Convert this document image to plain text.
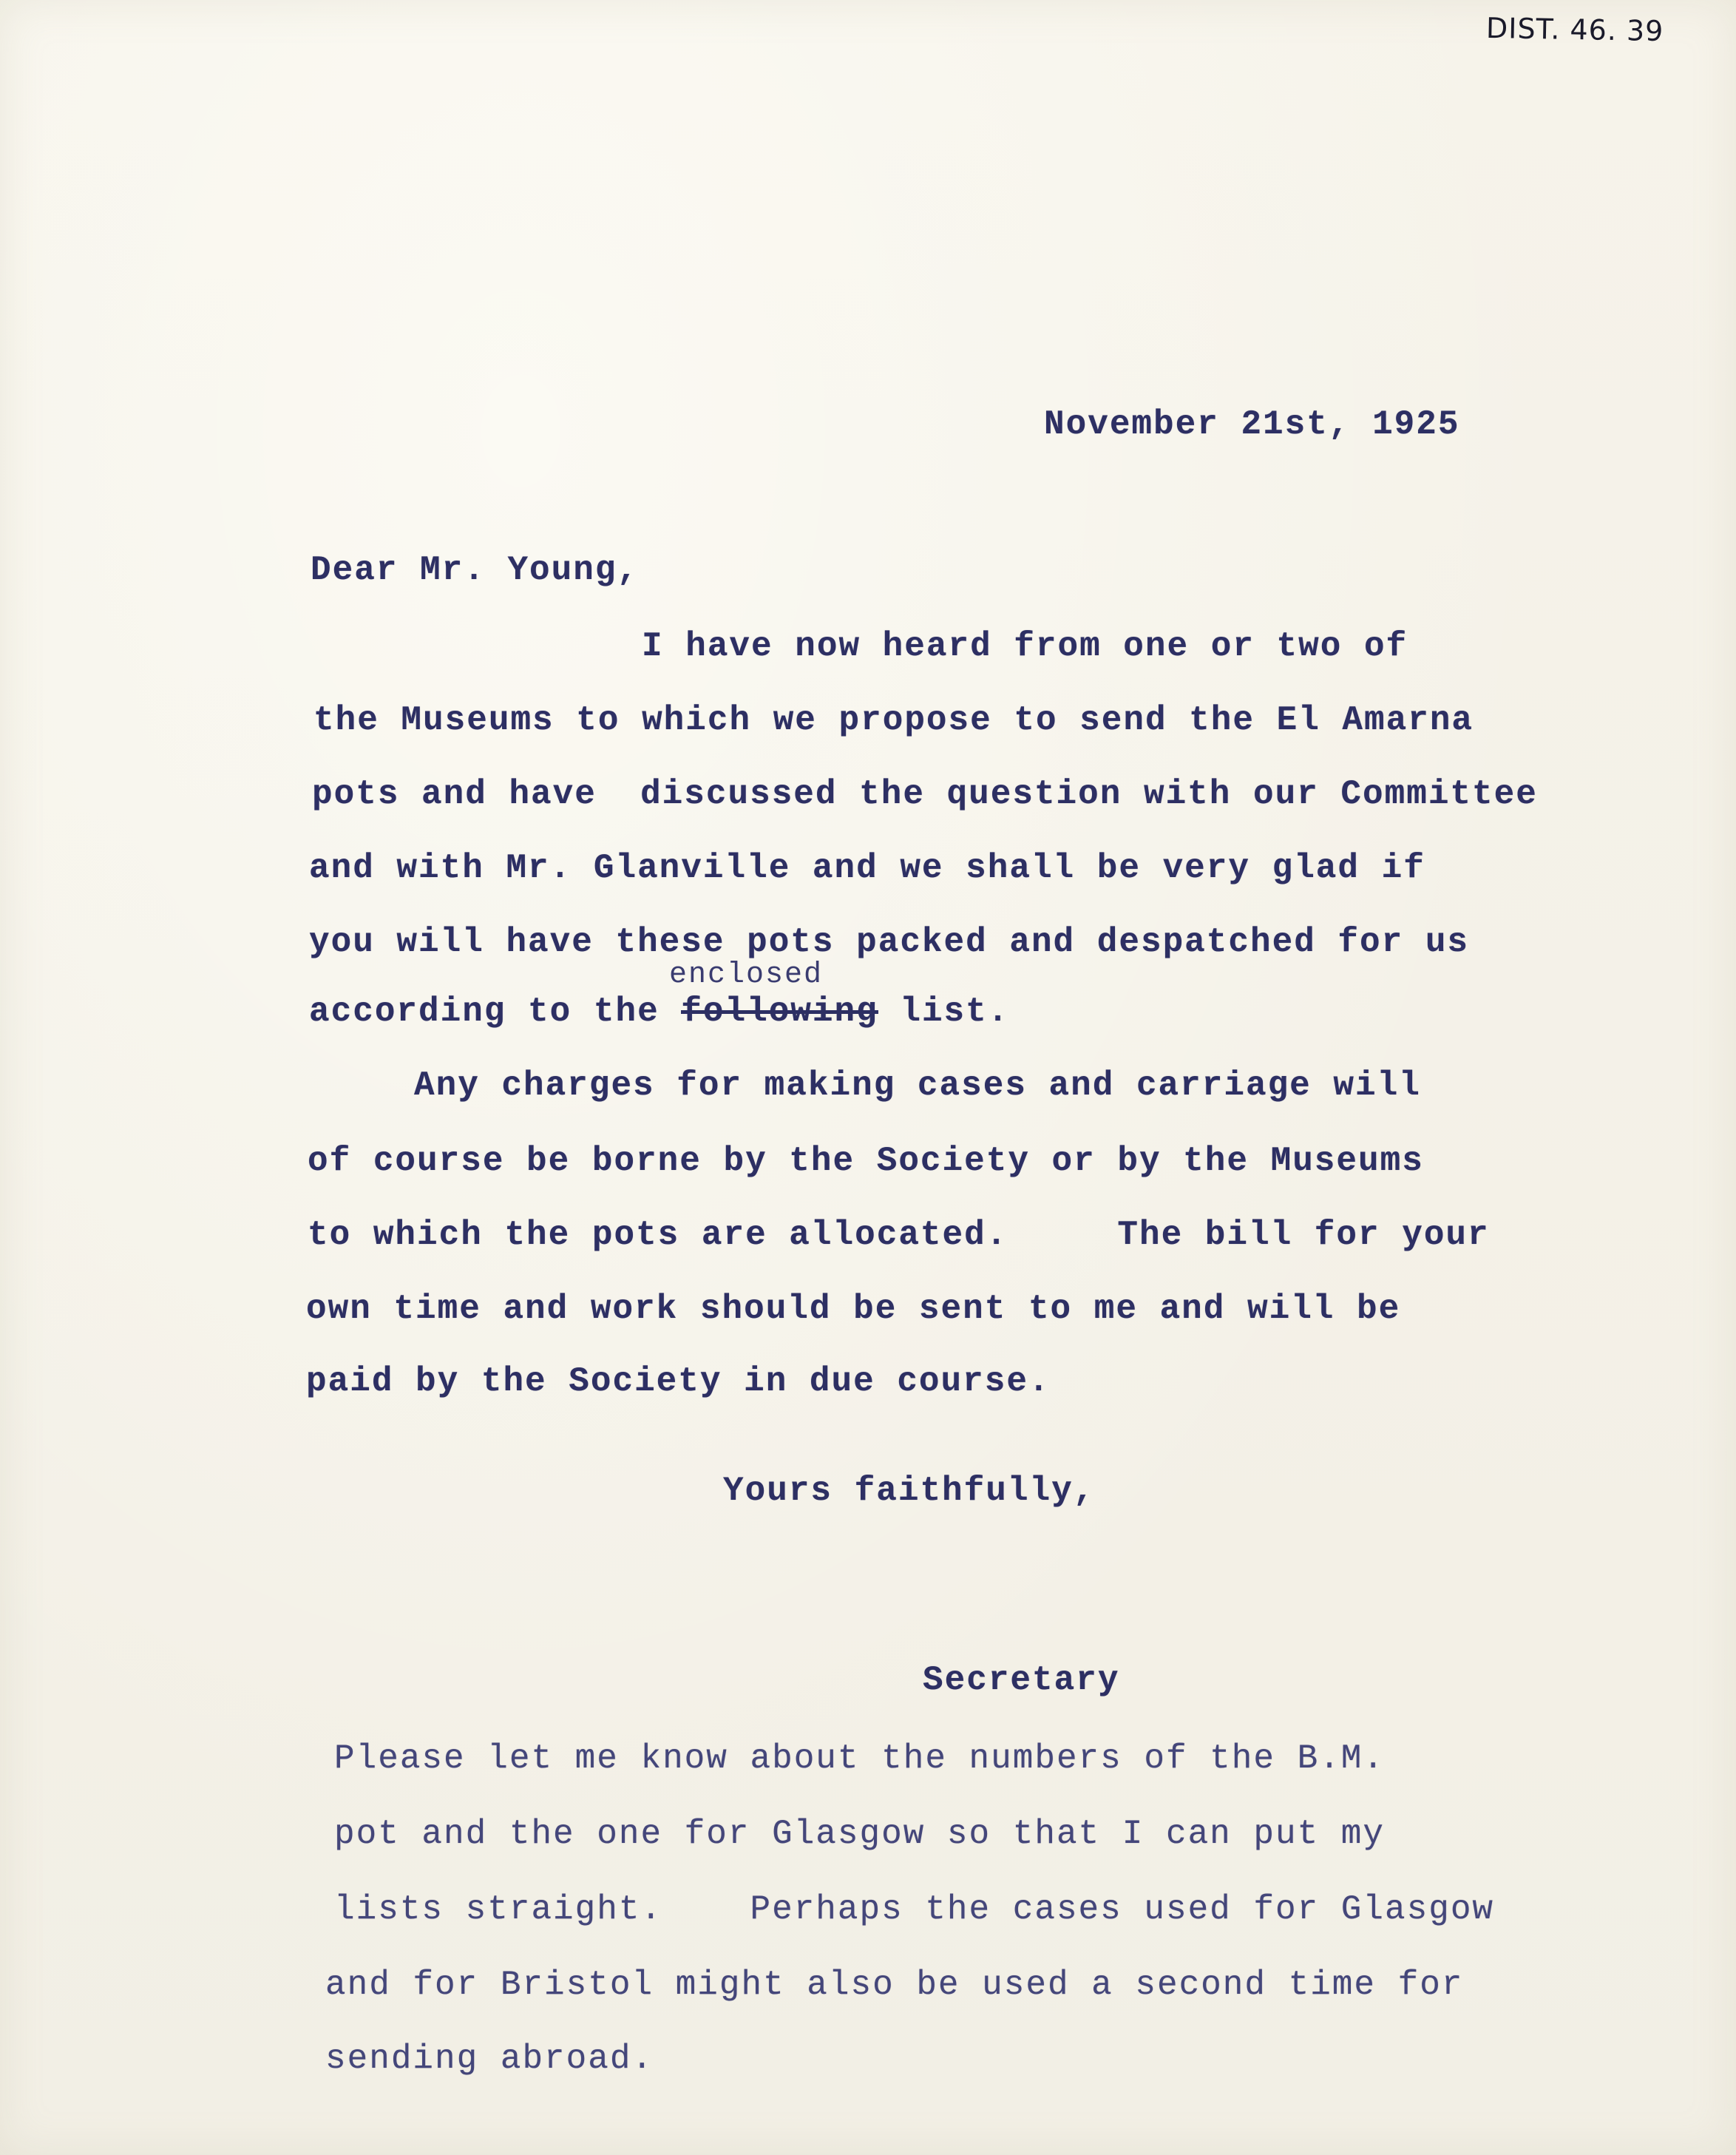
DIST. 46. 39
November 21st, 1925
Dear Mr. Young,
I have now heard from one or two of
the Museums to which we propose to send the El Amarna
pots and have  discussed the question with our Committee
and with Mr. Glanville and we shall be very glad if
you will have these pots packed and despatched for us
enclosed
according to the following list.
Any charges for making cases and carriage will
of course be borne by the Society or by the Museums
to which the pots are allocated.     The bill for your
own time and work should be sent to me and will be
paid by the Society in due course.
Yours faithfully,
Secretary
Please let me know about the numbers of the B.M.
pot and the one for Glasgow so that I can put my
lists straight.    Perhaps the cases used for Glasgow
and for Bristol might also be used a second time for
sending abroad.
